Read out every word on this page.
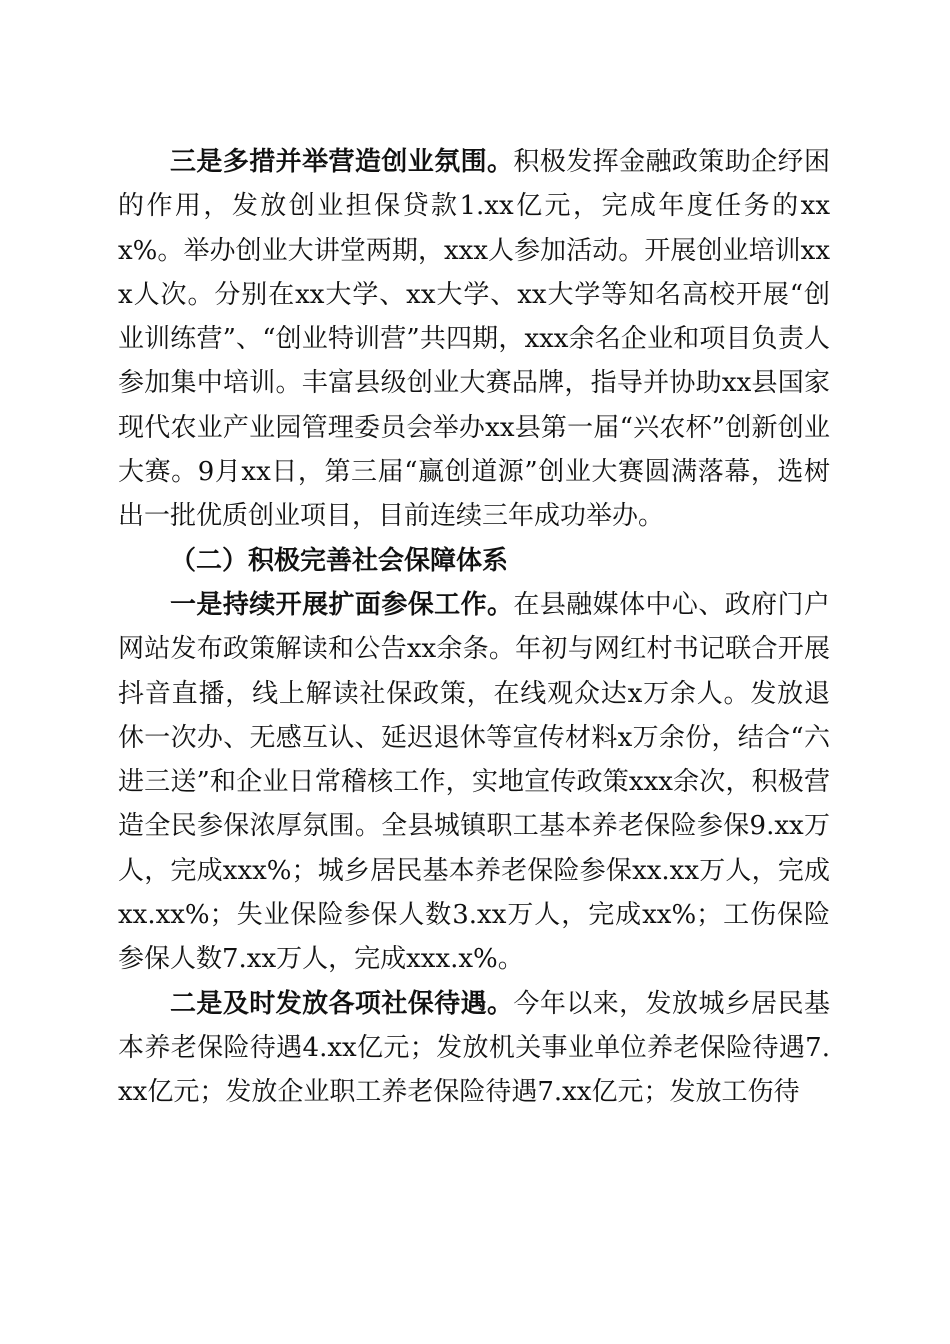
三是多措并举营造创业氛围。积极发挥金融政策助企纾困的作用，发放创业担保贷款1.xx亿元，完成年度任务的xxx%。举办创业大讲堂两期，xxx人参加活动。开展创业培训xxx人次。分别在xx大学、xx大学、xx大学等知名高校开展“创业训练营”、“创业特训营”共四期，xxx余名企业和项目负责人参加集中培训。丰富县级创业大赛品牌，指导并协助xx县国家现代农业产业园管理委员会举办xx县第一届“兴农杯”创新创业大赛。9月xx日，第三届“赢创道源”创业大赛圆满落幕，选树出一批优质创业项目，目前连续三年成功举办。

（二）积极完善社会保障体系

一是持续开展扩面参保工作。在县融媒体中心、政府门户网站发布政策解读和公告xx余条。年初与网红村书记联合开展抖音直播，线上解读社保政策，在线观众达x万余人。发放退休一次办、无感互认、延迟退休等宣传材料x万余份，结合“六进三送”和企业日常稽核工作，实地宣传政策xxx余次，积极营造全民参保浓厚氛围。全县城镇职工基本养老保险参保9.xx万人，完成xxx%；城乡居民基本养老保险参保xx.xx万人，完成xx.xx%；失业保险参保人数3.xx万人，完成xx%；工伤保险参保人数7.xx万人，完成xxx.x%。

二是及时发放各项社保待遇。今年以来，发放城乡居民基本养老保险待遇4.xx亿元；发放机关事业单位养老保险待遇7.xx亿元；发放企业职工养老保险待遇7.xx亿元；发放工伤待
